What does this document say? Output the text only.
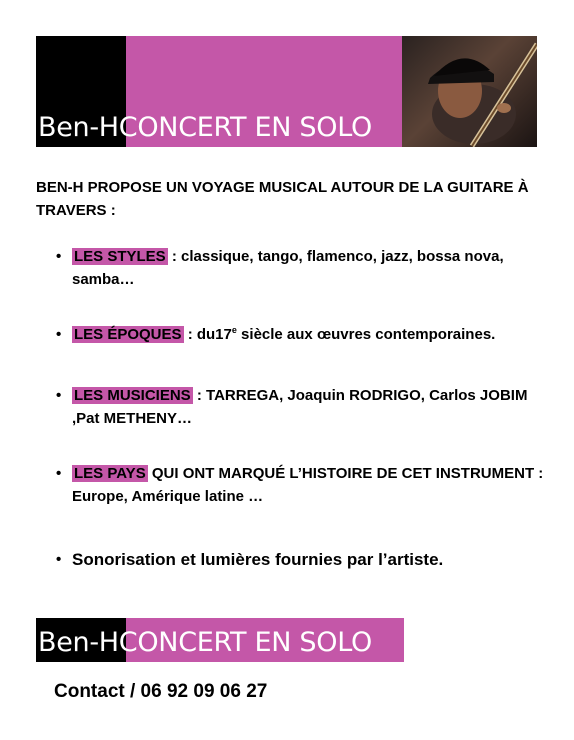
Ben-HCONCERT EN SOLO

BEN-H PROPOSE UN VOYAGE MUSICAL AUTOUR DE LA GUITARE À TRAVERS :

• LES STYLES : classique, tango, flamenco, jazz, bossa nova, samba…
• LES ÉPOQUES : du17e siècle aux œuvres contemporaines.
• LES MUSICIENS : TARREGA, Joaquin RODRIGO, Carlos JOBIM ,Pat METHENY…
• LES PAYS QUI ONT MARQUÉ L’HISTOIRE DE CET INSTRUMENT : Europe, Amérique latine …
• Sonorisation et lumières fournies par l’artiste.
Ben-HCONCERT EN SOLO

Contact / 06 92 09 06 27
